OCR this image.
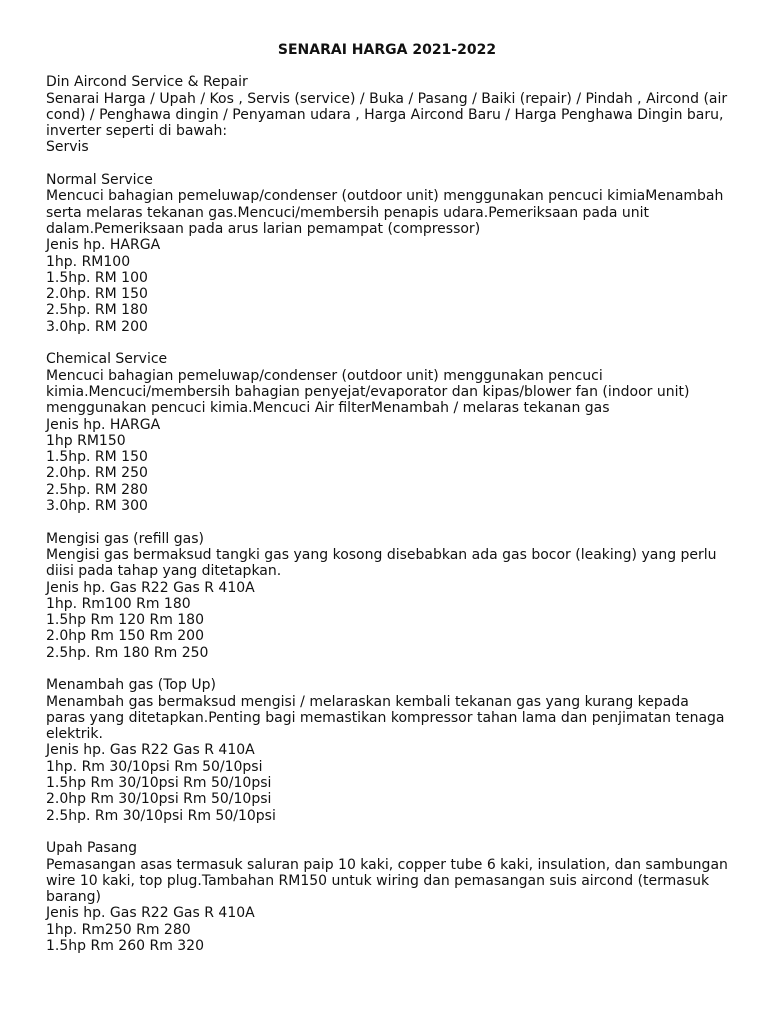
SENARAI HARGA 2021-2022
Din Aircond Service & Repair
Senarai Harga / Upah / Kos , Servis (service) / Buka / Pasang / Baiki (repair) / Pindah , Aircond (air cond) / Penghawa dingin / Penyaman udara , Harga Aircond Baru / Harga Penghawa Dingin baru, inverter seperti di bawah:
Servis
Normal Service
Mencuci bahagian pemeluwap/condenser (outdoor unit) menggunakan pencuci kimiaMenambah serta melaras tekanan gas.Mencuci/membersih penapis udara.Pemeriksaan pada unit dalam.Pemeriksaan pada arus larian pemampat (compressor)
Jenis hp. HARGA
1hp. RM100
1.5hp. RM 100
2.0hp. RM 150
2.5hp. RM 180
3.0hp. RM 200
Chemical Service
Mencuci bahagian pemeluwap/condenser (outdoor unit) menggunakan pencuci kimia.Mencuci/membersih bahagian penyejat/evaporator dan kipas/blower fan (indoor unit) menggunakan pencuci kimia.Mencuci Air filterMenambah / melaras tekanan gas
Jenis hp. HARGA
1hp RM150
1.5hp. RM 150
2.0hp. RM 250
2.5hp. RM 280
3.0hp. RM 300
Mengisi gas (refill gas)
Mengisi gas bermaksud tangki gas yang kosong disebabkan ada gas bocor (leaking) yang perlu diisi pada tahap yang ditetapkan.
Jenis hp. Gas R22 Gas R 410A
1hp. Rm100 Rm 180
1.5hp Rm 120 Rm 180
2.0hp Rm 150 Rm 200
2.5hp. Rm 180 Rm 250
Menambah gas (Top Up)
Menambah gas bermaksud mengisi / melaraskan kembali tekanan gas yang kurang kepada paras yang ditetapkan.Penting bagi memastikan kompressor tahan lama dan penjimatan tenaga elektrik.
Jenis hp. Gas R22 Gas R 410A
1hp. Rm 30/10psi Rm 50/10psi
1.5hp Rm 30/10psi Rm 50/10psi
2.0hp Rm 30/10psi Rm 50/10psi
2.5hp. Rm 30/10psi Rm 50/10psi
Upah Pasang
Pemasangan asas termasuk saluran paip 10 kaki, copper tube 6 kaki, insulation, dan sambungan wire 10 kaki, top plug.Tambahan RM150 untuk wiring dan pemasangan suis aircond (termasuk barang)
Jenis hp. Gas R22 Gas R 410A
1hp. Rm250 Rm 280
1.5hp Rm 260 Rm 320
